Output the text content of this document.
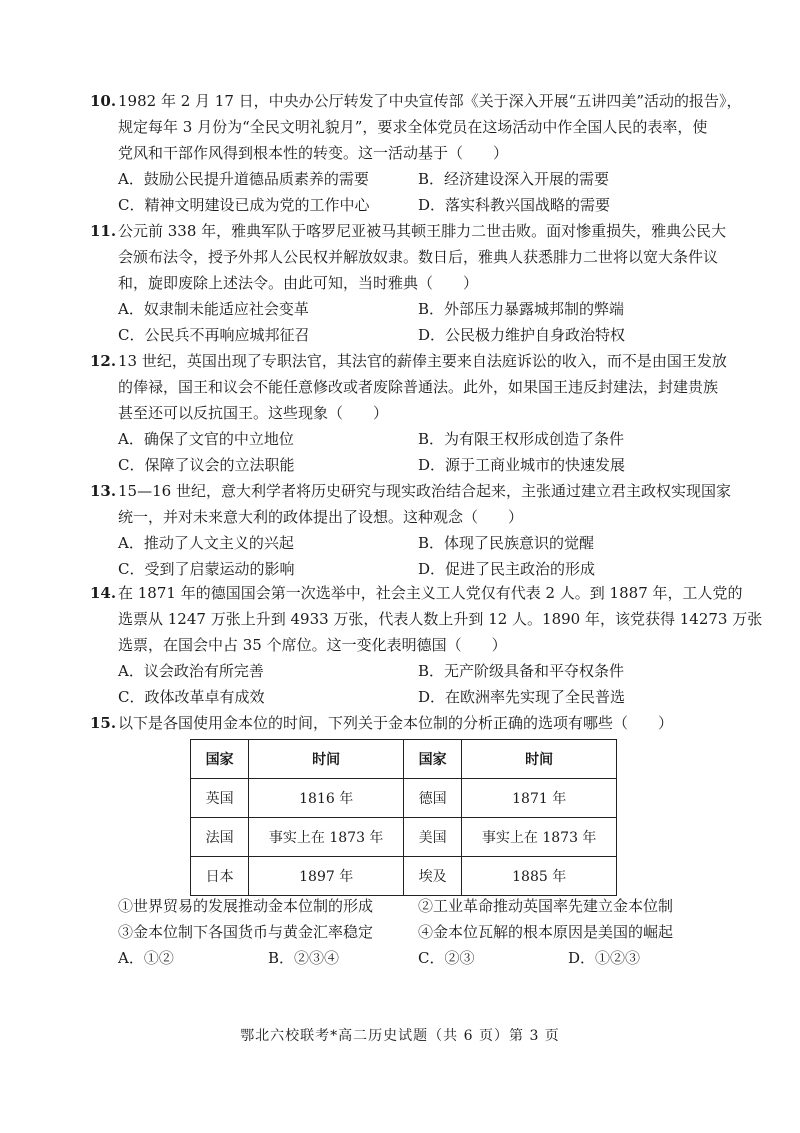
10. 1982 年 2 月 17 日，中央办公厅转发了中央宣传部《关于深入开展“五讲四美”活动的报告》，
规定每年 3 月份为“全民文明礼貌月”，要求全体党员在这场活动中作全国人民的表率，使
党风和干部作风得到根本性的转变。这一活动基于（　　）
A．鼓励公民提升道德品质素养的需要	B．经济建设深入开展的需要
C．精神文明建设已成为党的工作中心	D．落实科教兴国战略的需要
11. 公元前 338 年，雅典军队于喀罗尼亚被马其顿王腓力二世击败。面对惨重损失，雅典公民大
会颁布法令，授予外邦人公民权并解放奴隶。数日后，雅典人获悉腓力二世将以宽大条件议
和，旋即废除上述法令。由此可知，当时雅典（　　）
A．奴隶制未能适应社会变革	B．外部压力暴露城邦制的弊端
C．公民兵不再响应城邦征召	D．公民极力维护自身政治特权
12. 13 世纪，英国出现了专职法官，其法官的薪俸主要来自法庭诉讼的收入，而不是由国王发放
的俸禄，国王和议会不能任意修改或者废除普通法。此外，如果国王违反封建法，封建贵族
甚至还可以反抗国王。这些现象（　　）
A．确保了文官的中立地位	B．为有限王权形成创造了条件
C．保障了议会的立法职能	D．源于工商业城市的快速发展
13. 15—16 世纪，意大利学者将历史研究与现实政治结合起来，主张通过建立君主政权实现国家
统一，并对未来意大利的政体提出了设想。这种观念（　　）
A．推动了人文主义的兴起	B．体现了民族意识的觉醒
C．受到了启蒙运动的影响	D．促进了民主政治的形成
14. 在 1871 年的德国国会第一次选举中，社会主义工人党仅有代表 2 人。到 1887 年，工人党的
选票从 1247 万张上升到 4933 万张，代表人数上升到 12 人。1890 年，该党获得 14273 万张
选票，在国会中占 35 个席位。这一变化表明德国（　　）
A．议会政治有所完善	B．无产阶级具备和平夺权条件
C．政体改革卓有成效	D．在欧洲率先实现了全民普选
15. 以下是各国使用金本位的时间，下列关于金本位制的分析正确的选项有哪些（　　）
国家	时间	国家	时间
英国	1816 年	德国	1871 年
法国	事实上在 1873 年	美国	事实上在 1873 年
日本	1897 年	埃及	1885 年
①世界贸易的发展推动金本位制的形成	②工业革命推动英国率先建立金本位制
③金本位制下各国货币与黄金汇率稳定	④金本位瓦解的根本原因是美国的崛起
A．①②	B．②③④	C．②③	D．①②③
鄂北六校联考*高二历史试题（共 6 页）第 3 页
